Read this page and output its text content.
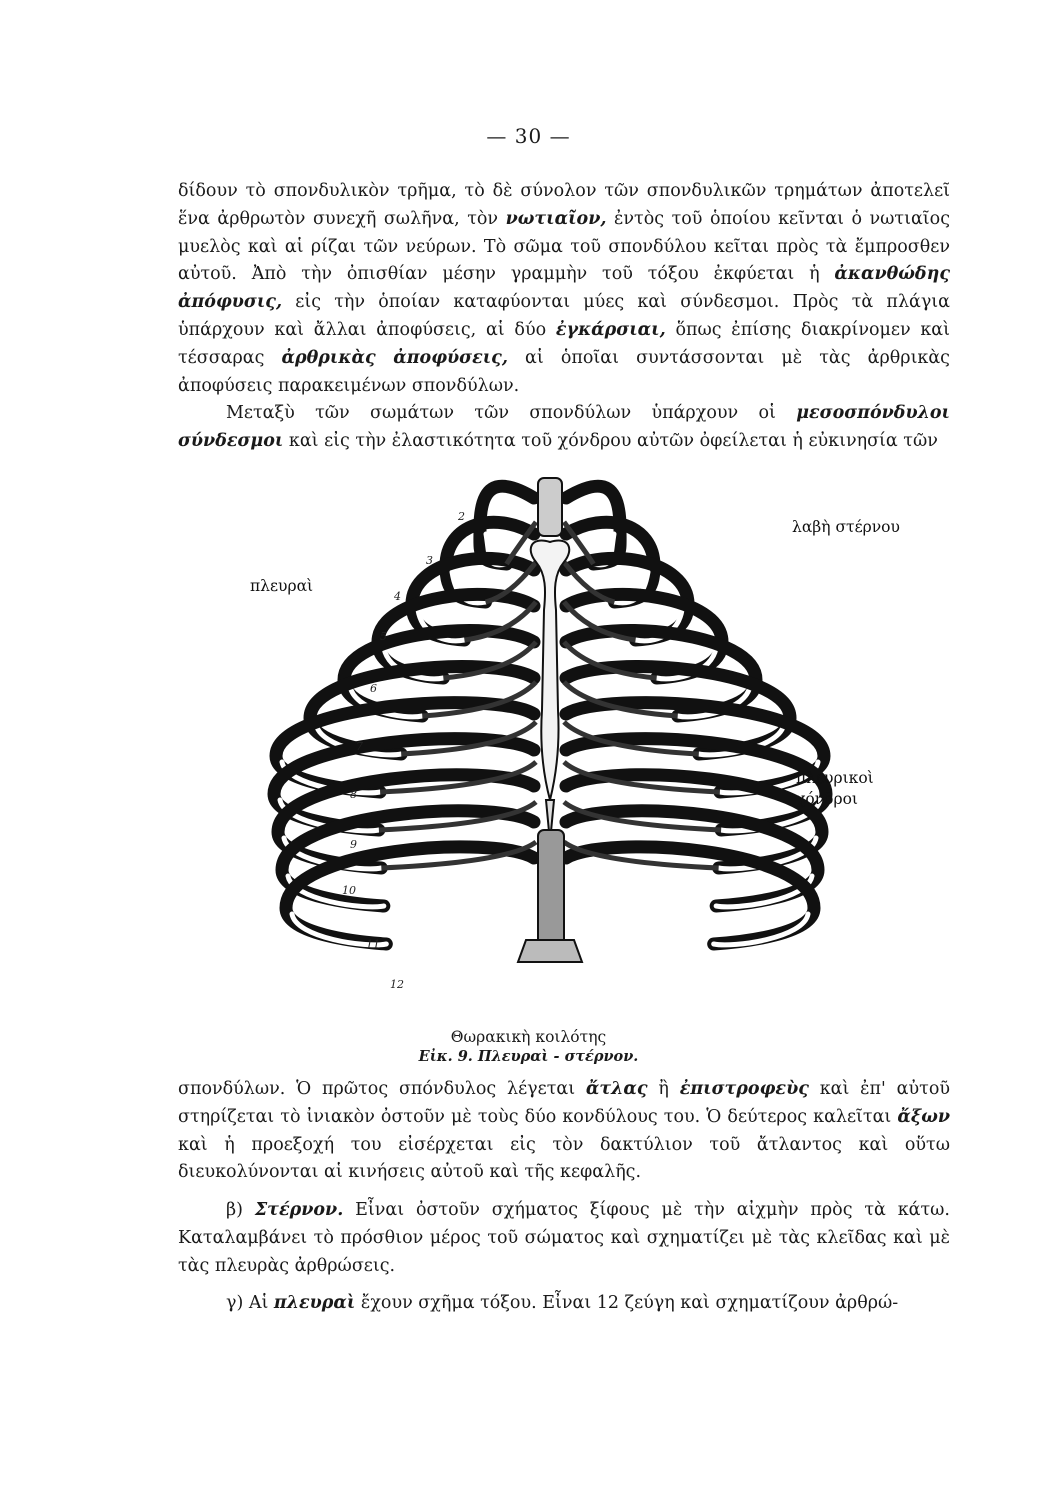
— 30 —
δίδουν τὸ σπονδυλικὸν τρῆμα, τὸ δὲ σύνολον τῶν σπονδυλικῶν τρημάτων ἀποτελεῖ ἕνα ἀρθρωτὸν συνεχῆ σωλῆνα, τὸν νωτιαῖον, ἐντὸς τοῦ ὁποίου κεῖνται ὁ νωτιαῖος μυελὸς καὶ αἱ ρίζαι τῶν νεύρων. Τὸ σῶμα τοῦ σπονδύλου κεῖται πρὸς τὰ ἔμπροσθεν αὐτοῦ. Ἀπὸ τὴν ὀπισθίαν μέσην γραμμὴν τοῦ τόξου ἐκφύεται ἡ ἀκανθώδης ἀπόφυσις, εἰς τὴν ὁποίαν καταφύονται μύες καὶ σύνδεσμοι. Πρὸς τὰ πλάγια ὑπάρχουν καὶ ἄλλαι ἀποφύσεις, αἱ δύο ἐγκάρσιαι, ὅπως ἐπίσης διακρίνομεν καὶ τέσσαρας ἀρθρικὰς ἀποφύσεις, αἱ ὁποῖαι συντάσσονται μὲ τὰς ἀρθρικὰς ἀποφύσεις παρακειμένων σπονδύλων.
Μεταξὺ τῶν σωμάτων τῶν σπονδύλων ὑπάρχουν οἱ μεσοσπόνδυλοι σύνδεσμοι καὶ εἰς τὴν ἐλαστικότητα τοῦ χόνδρου αὐτῶν ὀφείλεται ἡ εὐκινησία τῶν
πλευραὶ
λαβὴ στέρνου
πλευρικοὶ
χόνδροι
2
3
4
5
6
7
8
9
10
11
12
Θωρακικὴ κοιλότης
Εἰκ. 9. Πλευραὶ - στέρνον.
σπονδύλων. Ὁ πρῶτος σπόνδυλος λέγεται ἄτλας ἢ ἐπιστροφεὺς καὶ ἐπ' αὐτοῦ στηρίζεται τὸ ἰνιακὸν ὀστοῦν μὲ τοὺς δύο κονδύλους του. Ὁ δεύτερος καλεῖται ἄξων καὶ ἡ προεξοχή του εἰσέρχεται εἰς τὸν δακτύλιον τοῦ ἄτλαντος καὶ οὕτω διευκολύνονται αἱ κινήσεις αὐτοῦ καὶ τῆς κεφαλῆς.
β) Στέρνον. Εἶναι ὀστοῦν σχήματος ξίφους μὲ τὴν αἰχμὴν πρὸς τὰ κάτω. Καταλαμβάνει τὸ πρόσθιον μέρος τοῦ σώματος καὶ σχηματίζει μὲ τὰς κλεῖδας καὶ μὲ τὰς πλευρὰς ἀρθρώσεις.
γ) Αἱ πλευραὶ ἔχουν σχῆμα τόξου. Εἶναι 12 ζεύγη καὶ σχηματίζουν ἀρθρώ-
